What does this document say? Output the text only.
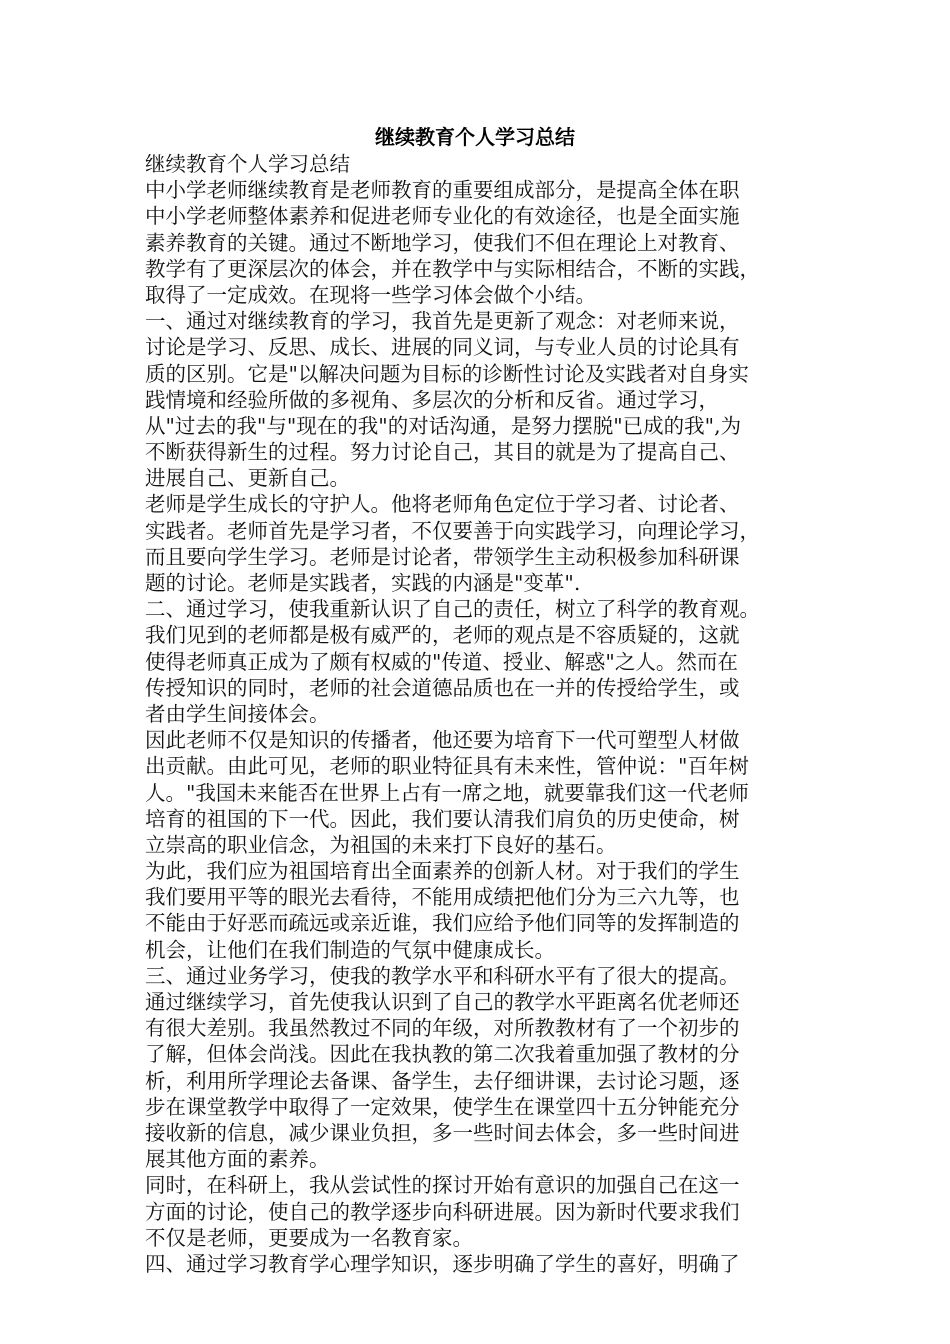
继续教育个人学习总结
继续教育个人学习总结
中小学老师继续教育是老师教育的重要组成部分，是提高全体在职
中小学老师整体素养和促进老师专业化的有效途径，也是全面实施
素养教育的关键。通过不断地学习，使我们不但在理论上对教育、
教学有了更深层次的体会，并在教学中与实际相结合，不断的实践，
取得了一定成效。在现将一些学习体会做个小结。
一、通过对继续教育的学习，我首先是更新了观念：对老师来说，
讨论是学习、反思、成长、进展的同义词，与专业人员的讨论具有
质的区别。它是"以解决问题为目标的诊断性讨论及实践者对自身实
践情境和经验所做的多视角、多层次的分析和反省。通过学习，
从"过去的我"与"现在的我"的对话沟通，是努力摆脱"已成的我",为
不断获得新生的过程。努力讨论自己，其目的就是为了提高自己、
进展自己、更新自己。
老师是学生成长的守护人。他将老师角色定位于学习者、讨论者、
实践者。老师首先是学习者，不仅要善于向实践学习，向理论学习，
而且要向学生学习。老师是讨论者，带领学生主动积极参加科研课
题的讨论。老师是实践者，实践的内涵是"变革".
二、通过学习，使我重新认识了自己的责任，树立了科学的教育观。
我们见到的老师都是极有威严的，老师的观点是不容质疑的，这就
使得老师真正成为了颇有权威的"传道、授业、解惑"之人。然而在
传授知识的同时，老师的社会道德品质也在一并的传授给学生，或
者由学生间接体会。
因此老师不仅是知识的传播者，他还要为培育下一代可塑型人材做
出贡献。由此可见，老师的职业特征具有未来性，管仲说："百年树
人。"我国未来能否在世界上占有一席之地，就要靠我们这一代老师
培育的祖国的下一代。因此，我们要认清我们肩负的历史使命，树
立崇高的职业信念，为祖国的未来打下良好的基石。
为此，我们应为祖国培育出全面素养的创新人材。对于我们的学生
我们要用平等的眼光去看待，不能用成绩把他们分为三六九等，也
不能由于好恶而疏远或亲近谁，我们应给予他们同等的发挥制造的
机会，让他们在我们制造的气氛中健康成长。
三、通过业务学习，使我的教学水平和科研水平有了很大的提高。
通过继续学习，首先使我认识到了自己的教学水平距离名优老师还
有很大差别。我虽然教过不同的年级，对所教教材有了一个初步的
了解，但体会尚浅。因此在我执教的第二次我着重加强了教材的分
析，利用所学理论去备课、备学生，去仔细讲课，去讨论习题，逐
步在课堂教学中取得了一定效果，使学生在课堂四十五分钟能充分
接收新的信息，减少课业负担，多一些时间去体会，多一些时间进
展其他方面的素养。
同时，在科研上，我从尝试性的探讨开始有意识的加强自己在这一
方面的讨论，使自己的教学逐步向科研进展。因为新时代要求我们
不仅是老师，更要成为一名教育家。
四、通过学习教育学心理学知识，逐步明确了学生的喜好，明确了
